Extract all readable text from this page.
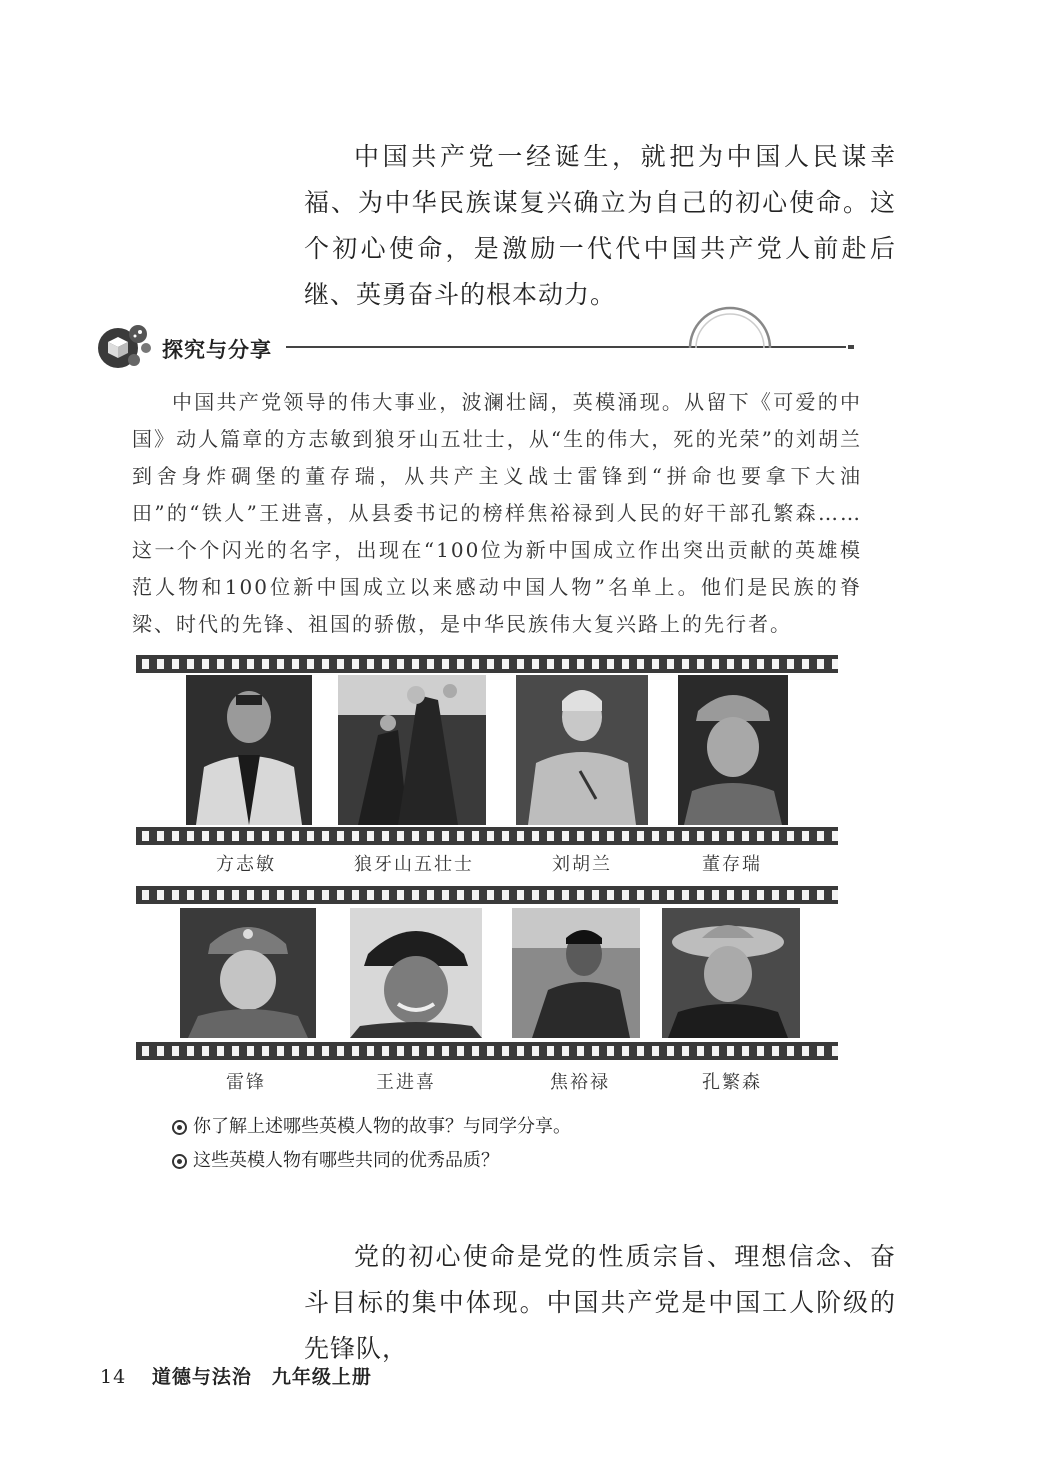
中国共产党一经诞生，就把为中国人民谋幸福、为中华民族谋复兴确立为自己的初心使命。这个初心使命，是激励一代代中国共产党人前赴后继、英勇奋斗的根本动力。

探究与分享

中国共产党领导的伟大事业，波澜壮阔，英模涌现。从留下《可爱的中国》动人篇章的方志敏到狼牙山五壮士，从“生的伟大，死的光荣”的刘胡兰到舍身炸碉堡的董存瑞，从共产主义战士雷锋到“拼命也要拿下大油田”的“铁人”王进喜，从县委书记的榜样焦裕禄到人民的好干部孔繁森……这一个个闪光的名字，出现在“100位为新中国成立作出突出贡献的英雄模范人物和100位新中国成立以来感动中国人物”名单上。他们是民族的脊梁、时代的先锋、祖国的骄傲，是中华民族伟大复兴路上的先行者。

方志敏	狼牙山五壮士	刘胡兰	董存瑞

雷锋	王进喜	焦裕禄	孔繁森

你了解上述哪些英模人物的故事？与同学分享。
这些英模人物有哪些共同的优秀品质？

党的初心使命是党的性质宗旨、理想信念、奋斗目标的集中体现。中国共产党是中国工人阶级的先锋队，

14 道德与法治　九年级上册
